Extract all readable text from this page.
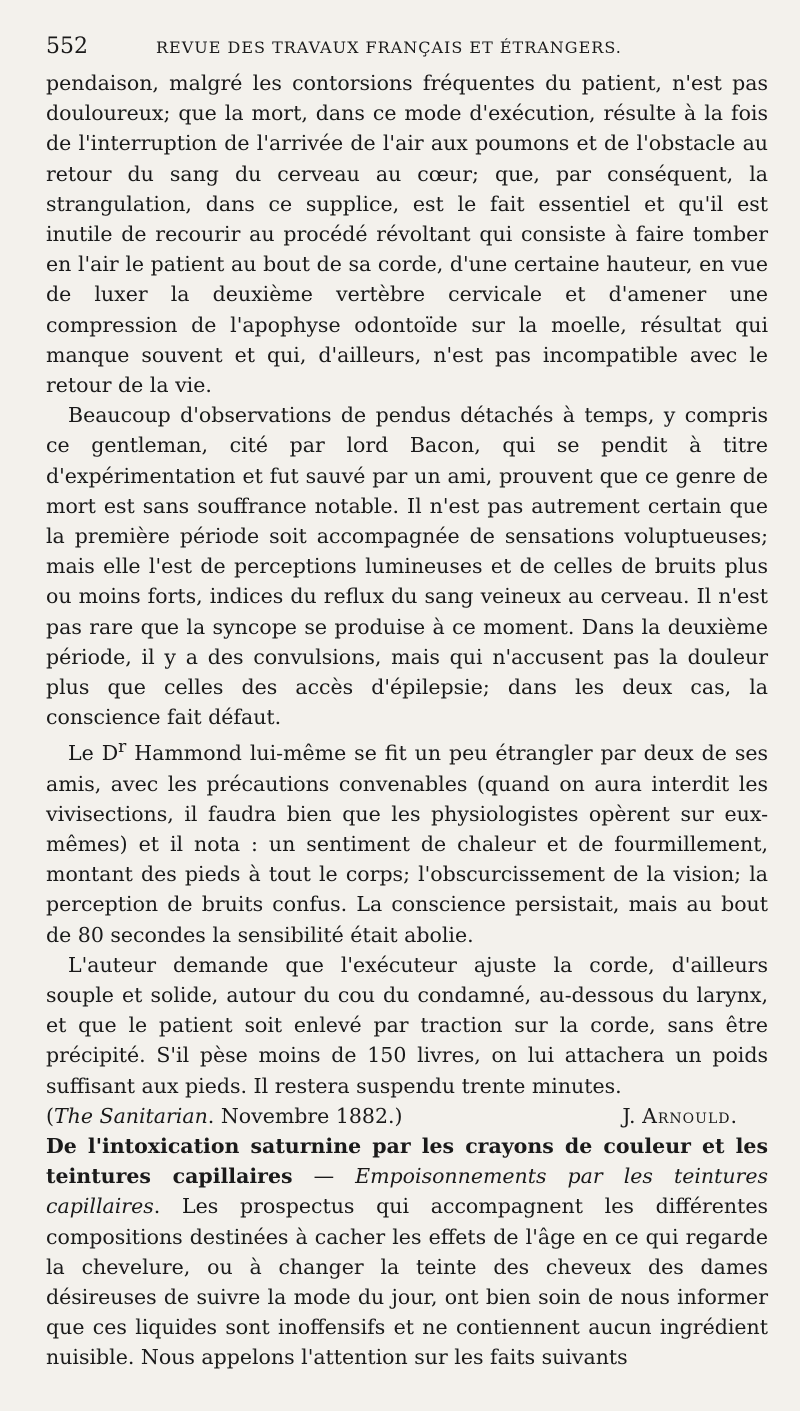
552	REVUE DES TRAVAUX FRANÇAIS ET ÉTRANGERS.

pendaison, malgré les contorsions fréquentes du patient, n'est pas douloureux; que la mort, dans ce mode d'exécution, résulte à la fois de l'interruption de l'arrivée de l'air aux poumons et de l'obstacle au retour du sang du cerveau au cœur; que, par conséquent, la strangulation, dans ce supplice, est le fait essentiel et qu'il est inutile de recourir au procédé révoltant qui consiste à faire tomber en l'air le patient au bout de sa corde, d'une certaine hauteur, en vue de luxer la deuxième vertèbre cervicale et d'amener une compression de l'apophyse odontoïde sur la moelle, résultat qui manque souvent et qui, d'ailleurs, n'est pas incompatible avec le retour de la vie.

Beaucoup d'observations de pendus détachés à temps, y compris ce gentleman, cité par lord Bacon, qui se pendit à titre d'expérimentation et fut sauvé par un ami, prouvent que ce genre de mort est sans souffrance notable. Il n'est pas autrement certain que la première période soit accompagnée de sensations voluptueuses; mais elle l'est de perceptions lumineuses et de celles de bruits plus ou moins forts, indices du reflux du sang veineux au cerveau. Il n'est pas rare que la syncope se produise à ce moment. Dans la deuxième période, il y a des convulsions, mais qui n'accusent pas la douleur plus que celles des accès d'épilepsie; dans les deux cas, la conscience fait défaut.

Le $D^r$ Hammond lui-même se fit un peu étrangler par deux de ses amis, avec les précautions convenables (quand on aura interdit les vivisections, il faudra bien que les physiologistes opèrent sur eux-mêmes) et il nota : un sentiment de chaleur et de fourmillement, montant des pieds à tout le corps; l'obscurcissement de la vision; la perception de bruits confus. La conscience persistait, mais au bout de 80 secondes la sensibilité était abolie.

L'auteur demande que l'exécuteur ajuste la corde, d'ailleurs souple et solide, autour du cou du condamné, au-dessous du larynx, et que le patient soit enlevé par traction sur la corde, sans être précipité. S'il pèse moins de 150 livres, on lui attachera un poids suffisant aux pieds. Il restera suspendu trente minutes.

(The Sanitarian. Novembre 1882.)	J. Arnould.

De l'intoxication saturnine par les crayons de couleur et les teintures capillaires — Empoisonnements par les teintures capillaires. Les prospectus qui accompagnent les différentes compositions destinées à cacher les effets de l'âge en ce qui regarde la chevelure, ou à changer la teinte des cheveux des dames désireuses de suivre la mode du jour, ont bien soin de nous informer que ces liquides sont inoffensifs et ne contiennent aucun ingrédient nuisible. Nous appelons l'attention sur les faits suivants
